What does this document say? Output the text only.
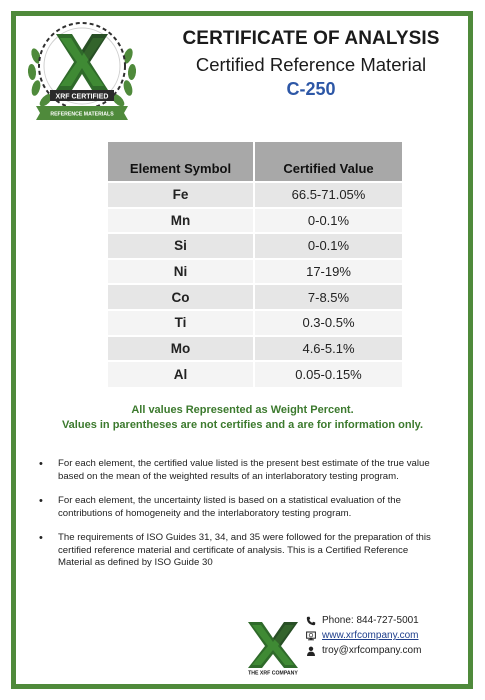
XRF CERTIFIED
REFERENCE MATERIALS
CERTIFICATE OF ANALYSIS
Certified Reference Material
C-250
Element Symbol	Certified Value
Fe	66.5-71.05%
Mn	0-0.1%
Si	0-0.1%
Ni	17-19%
Co	7-8.5%
Ti	0.3-0.5%
Mo	4.6-5.1%
Al	0.05-0.15%
All values Represented as Weight Percent.
Values in parentheses are not certifies and a are for information only.
• For each element, the certified value listed is the present best estimate of the true value based on the mean of the weighted results of an interlaboratory testing program.
• For each element, the uncertainty listed is based on a statistical evaluation of the contributions of homogeneity and the interlaboratory testing program.
• The requirements of ISO Guides 31, 34, and 35 were followed for the preparation of this certified reference material and certificate of analysis. This is a Certified Reference Material as defined by ISO Guide 30
THE XRF COMPANY
Phone: 844-727-5001
www.xrfcompany.com
troy@xrfcompany.com
